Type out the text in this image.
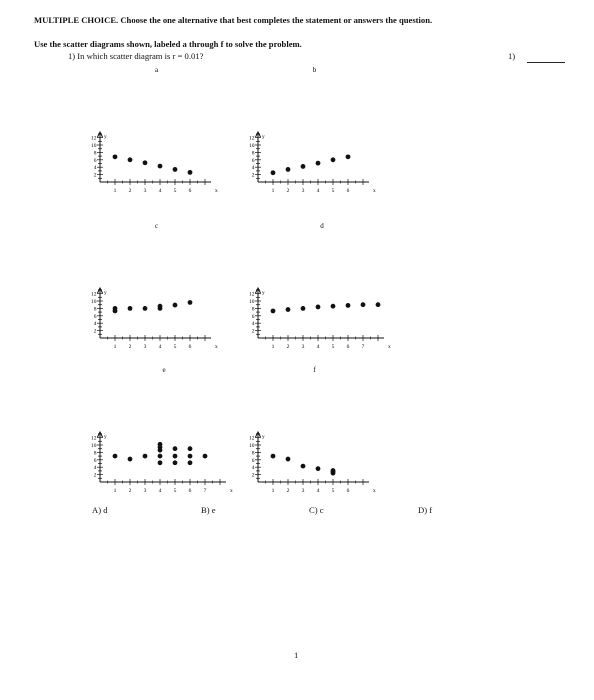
MULTIPLE CHOICE. Choose the one alternative that best completes the statement or answers the question.
Use the scatter diagrams shown, labeled a through f to solve the problem.
1) In which scatter diagram is r = 0.01?	1)
a
y
x
2
4
6
8
10
12
1 2 3 4 5 6
b
y
x
2
4
6
8
10
12
1 2 3 4 5 6
c
y
x
2
4
6
8
10
12
1 2 3 4 5 6
d
y
x
2
4
6
8
10
12
1 2 3 4 5 6 7
e
y
x
2
4
6
8
10
12
1 2 3 4 5 6 7
f
y
x
2
4
6
8
10
12
1 2 3 4 5 6
A) d	B) e	C) c	D) f
1
